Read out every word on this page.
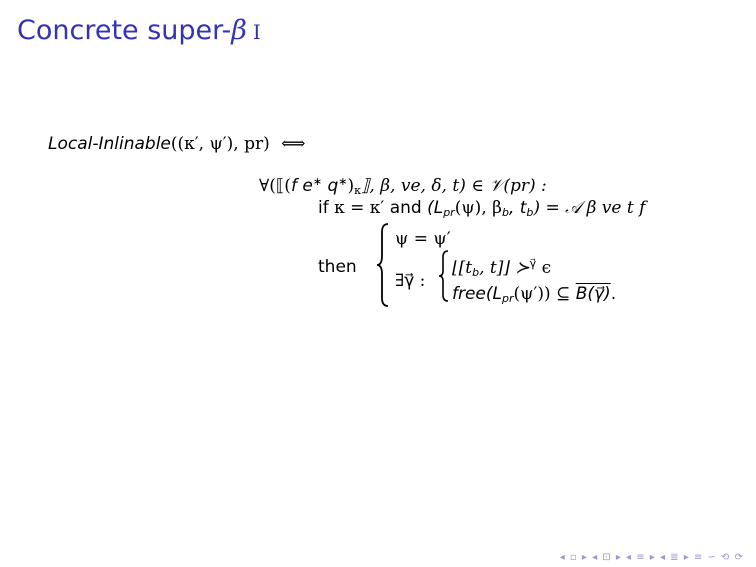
Concrete super-β I
Local-Inlinable((κ′, ψ′), pr) ⟺
∀(⟦(f e∗ $q^∗)_\kappa⟧$, β, ve, δ, t) ∈ 𝒱(pr) :
if κ = κ′ and ($L_{pr}(\psi)$, $\beta_b$, $t_b$) = 𝒜 β ve t f
then
ψ = ψ′
∃γ⃗ :
$⌊[t_b$, t]⌋ ≻$^{\gamma⃗}$ ϵ
$free(L_{pr}(\psi'))$ ⊆ B(γ⃗).
◂ ▫ ▸ ◂ ⊡ ▸ ◂ ≡ ▸ ◂ ≣ ▸ ≡ ∽ ⟲ ⟳
